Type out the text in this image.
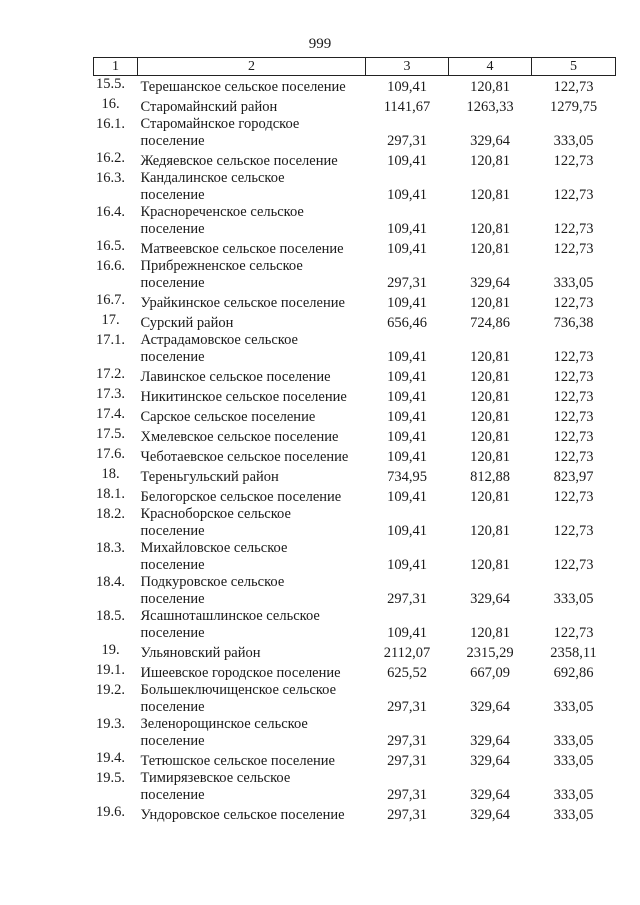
999
1	2	3	4	5
15.5.	Терешанское сельское поселение	109,41	120,81	122,73
16.	Старомайнский район	1141,67	1263,33	1279,75
16.1.	Старомайнское городское
поселение	297,31	329,64	333,05
16.2.	Жедяевское сельское поселение	109,41	120,81	122,73
16.3.	Кандалинское сельское
поселение	109,41	120,81	122,73
16.4.	Краснореченское сельское
поселение	109,41	120,81	122,73
16.5.	Матвеевское сельское поселение	109,41	120,81	122,73
16.6.	Прибрежненское сельское
поселение	297,31	329,64	333,05
16.7.	Урайкинское сельское поселение	109,41	120,81	122,73
17.	Сурский район	656,46	724,86	736,38
17.1.	Астрадамовское сельское
поселение	109,41	120,81	122,73
17.2.	Лавинское сельское поселение	109,41	120,81	122,73
17.3.	Никитинское сельское поселение	109,41	120,81	122,73
17.4.	Сарское сельское поселение	109,41	120,81	122,73
17.5.	Хмелевское сельское поселение	109,41	120,81	122,73
17.6.	Чеботаевское сельское поселение	109,41	120,81	122,73
18.	Тереньгульский район	734,95	812,88	823,97
18.1.	Белогорское сельское поселение	109,41	120,81	122,73
18.2.	Красноборское сельское
поселение	109,41	120,81	122,73
18.3.	Михайловское сельское
поселение	109,41	120,81	122,73
18.4.	Подкуровское сельское
поселение	297,31	329,64	333,05
18.5.	Ясашноташлинское сельское
поселение	109,41	120,81	122,73
19.	Ульяновский район	2112,07	2315,29	2358,11
19.1.	Ишеевское городское поселение	625,52	667,09	692,86
19.2.	Большеключищенское сельское
поселение	297,31	329,64	333,05
19.3.	Зеленорощинское сельское
поселение	297,31	329,64	333,05
19.4.	Тетюшское сельское поселение	297,31	329,64	333,05
19.5.	Тимирязевское сельское
поселение	297,31	329,64	333,05
19.6.	Ундоровское сельское поселение	297,31	329,64	333,05
